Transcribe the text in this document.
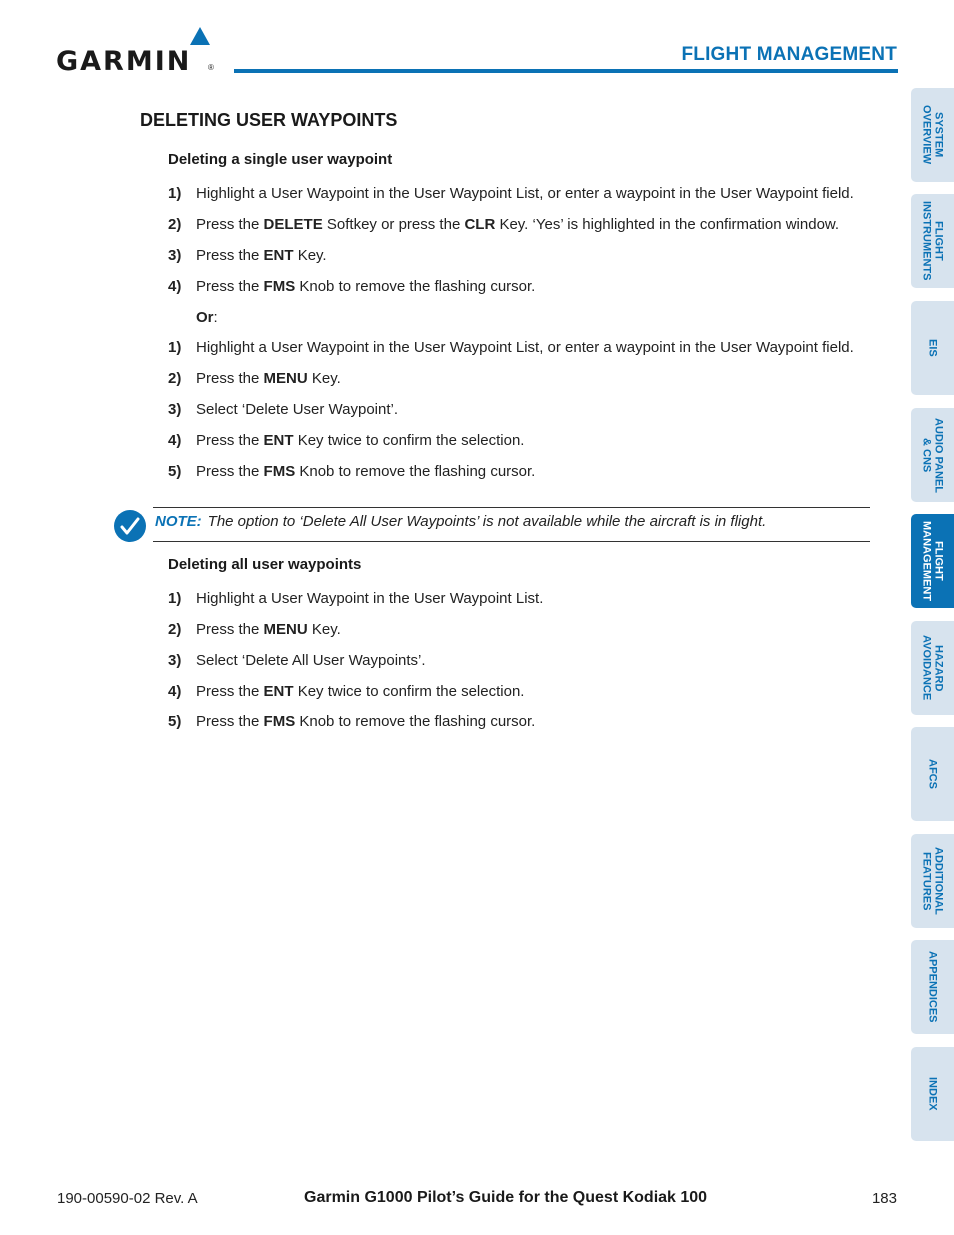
GARMIN ®
FLIGHT MANAGEMENT
DELETING USER WAYPOINTS
Deleting a single user waypoint
1) Highlight a User Waypoint in the User Waypoint List, or enter a waypoint in the User Waypoint field.
2) Press the DELETE Softkey or press the CLR Key. ‘Yes’ is highlighted in the confirmation window.
3) Press the ENT Key.
4) Press the FMS Knob to remove the flashing cursor.
Or:
1) Highlight a User Waypoint in the User Waypoint List, or enter a waypoint in the User Waypoint field.
2) Press the MENU Key.
3) Select ‘Delete User Waypoint’.
4) Press the ENT Key twice to confirm the selection.
5) Press the FMS Knob to remove the flashing cursor.
NOTE: The option to ‘Delete All User Waypoints’ is not available while the aircraft is in flight.
Deleting all user waypoints
1) Highlight a User Waypoint in the User Waypoint List.
2) Press the MENU Key.
3) Select ‘Delete All User Waypoints’.
4) Press the ENT Key twice to confirm the selection.
5) Press the FMS Knob to remove the flashing cursor.
SYSTEM
OVERVIEW
FLIGHT
INSTRUMENTS
EIS
AUDIO PANEL
& CNS
FLIGHT
MANAGEMENT
HAZARD
AVOIDANCE
AFCS
ADDITIONAL
FEATURES
APPENDICES
INDEX
190-00590-02 Rev. A	Garmin G1000 Pilot’s Guide for the Quest Kodiak 100	183
